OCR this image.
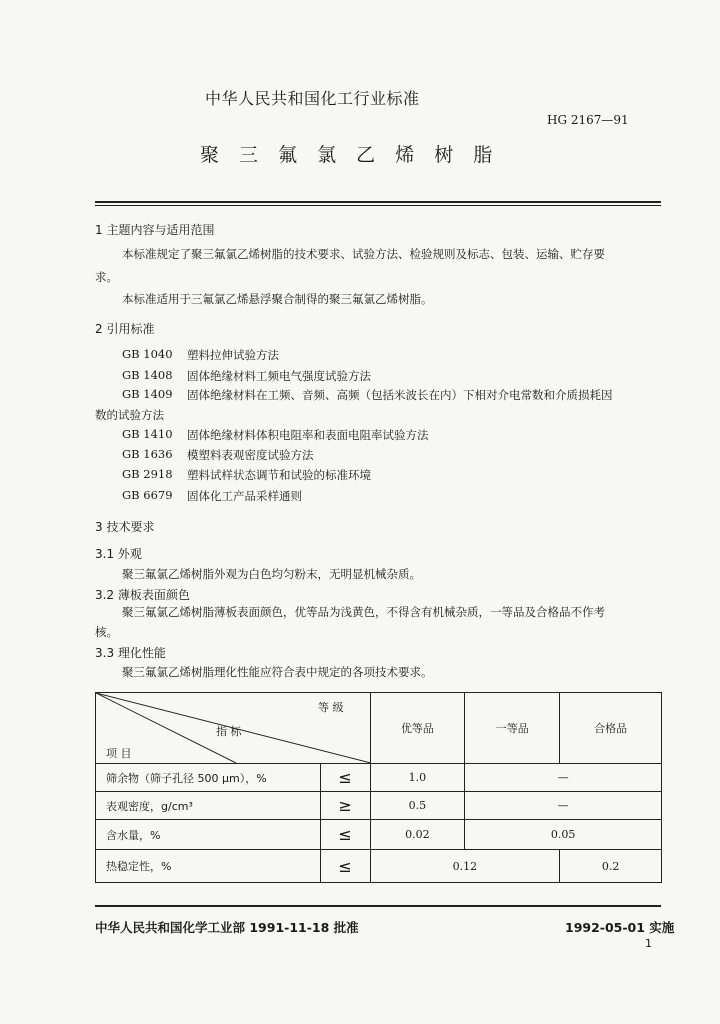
中华人民共和国化工行业标准
HG 2167—91
聚 三 氟 氯 乙 烯 树 脂
1 主题内容与适用范围
本标准规定了聚三氟氯乙烯树脂的技术要求、试验方法、检验规则及标志、包装、运输、贮存要
求。
本标准适用于三氟氯乙烯悬浮聚合制得的聚三氟氯乙烯树脂。
2 引用标准
GB 1040 塑料拉伸试验方法
GB 1408 固体绝缘材料工频电气强度试验方法
GB 1409 固体绝缘材料在工频、音频、高频（包括米波长在内）下相对介电常数和介质损耗因
数的试验方法
GB 1410 固体绝缘材料体积电阻率和表面电阻率试验方法
GB 1636 模塑料表观密度试验方法
GB 2918 塑料试样状态调节和试验的标准环境
GB 6679 固体化工产品采样通则
3 技术要求
3.1 外观
聚三氟氯乙烯树脂外观为白色均匀粉末，无明显机械杂质。
3.2 薄板表面颜色
聚三氟氯乙烯树脂薄板表面颜色，优等品为浅黄色，不得含有机械杂质，一等品及合格品不作考
核。
3.3 理化性能
聚三氟氯乙烯树脂理化性能应符合表中规定的各项技术要求。
等 级
指 标
项 目		优等品	一等品	合格品
筛余物（筛子孔径 500 μm），%	≤	1.0	—	
表观密度，g/cm³	≥	0.5	—	
含水量，%	≤	0.02	0.05	
热稳定性，%	≤	0.12		0.2
中华人民共和国化学工业部 1991-11-18 批准	1992-05-01 实施
1
